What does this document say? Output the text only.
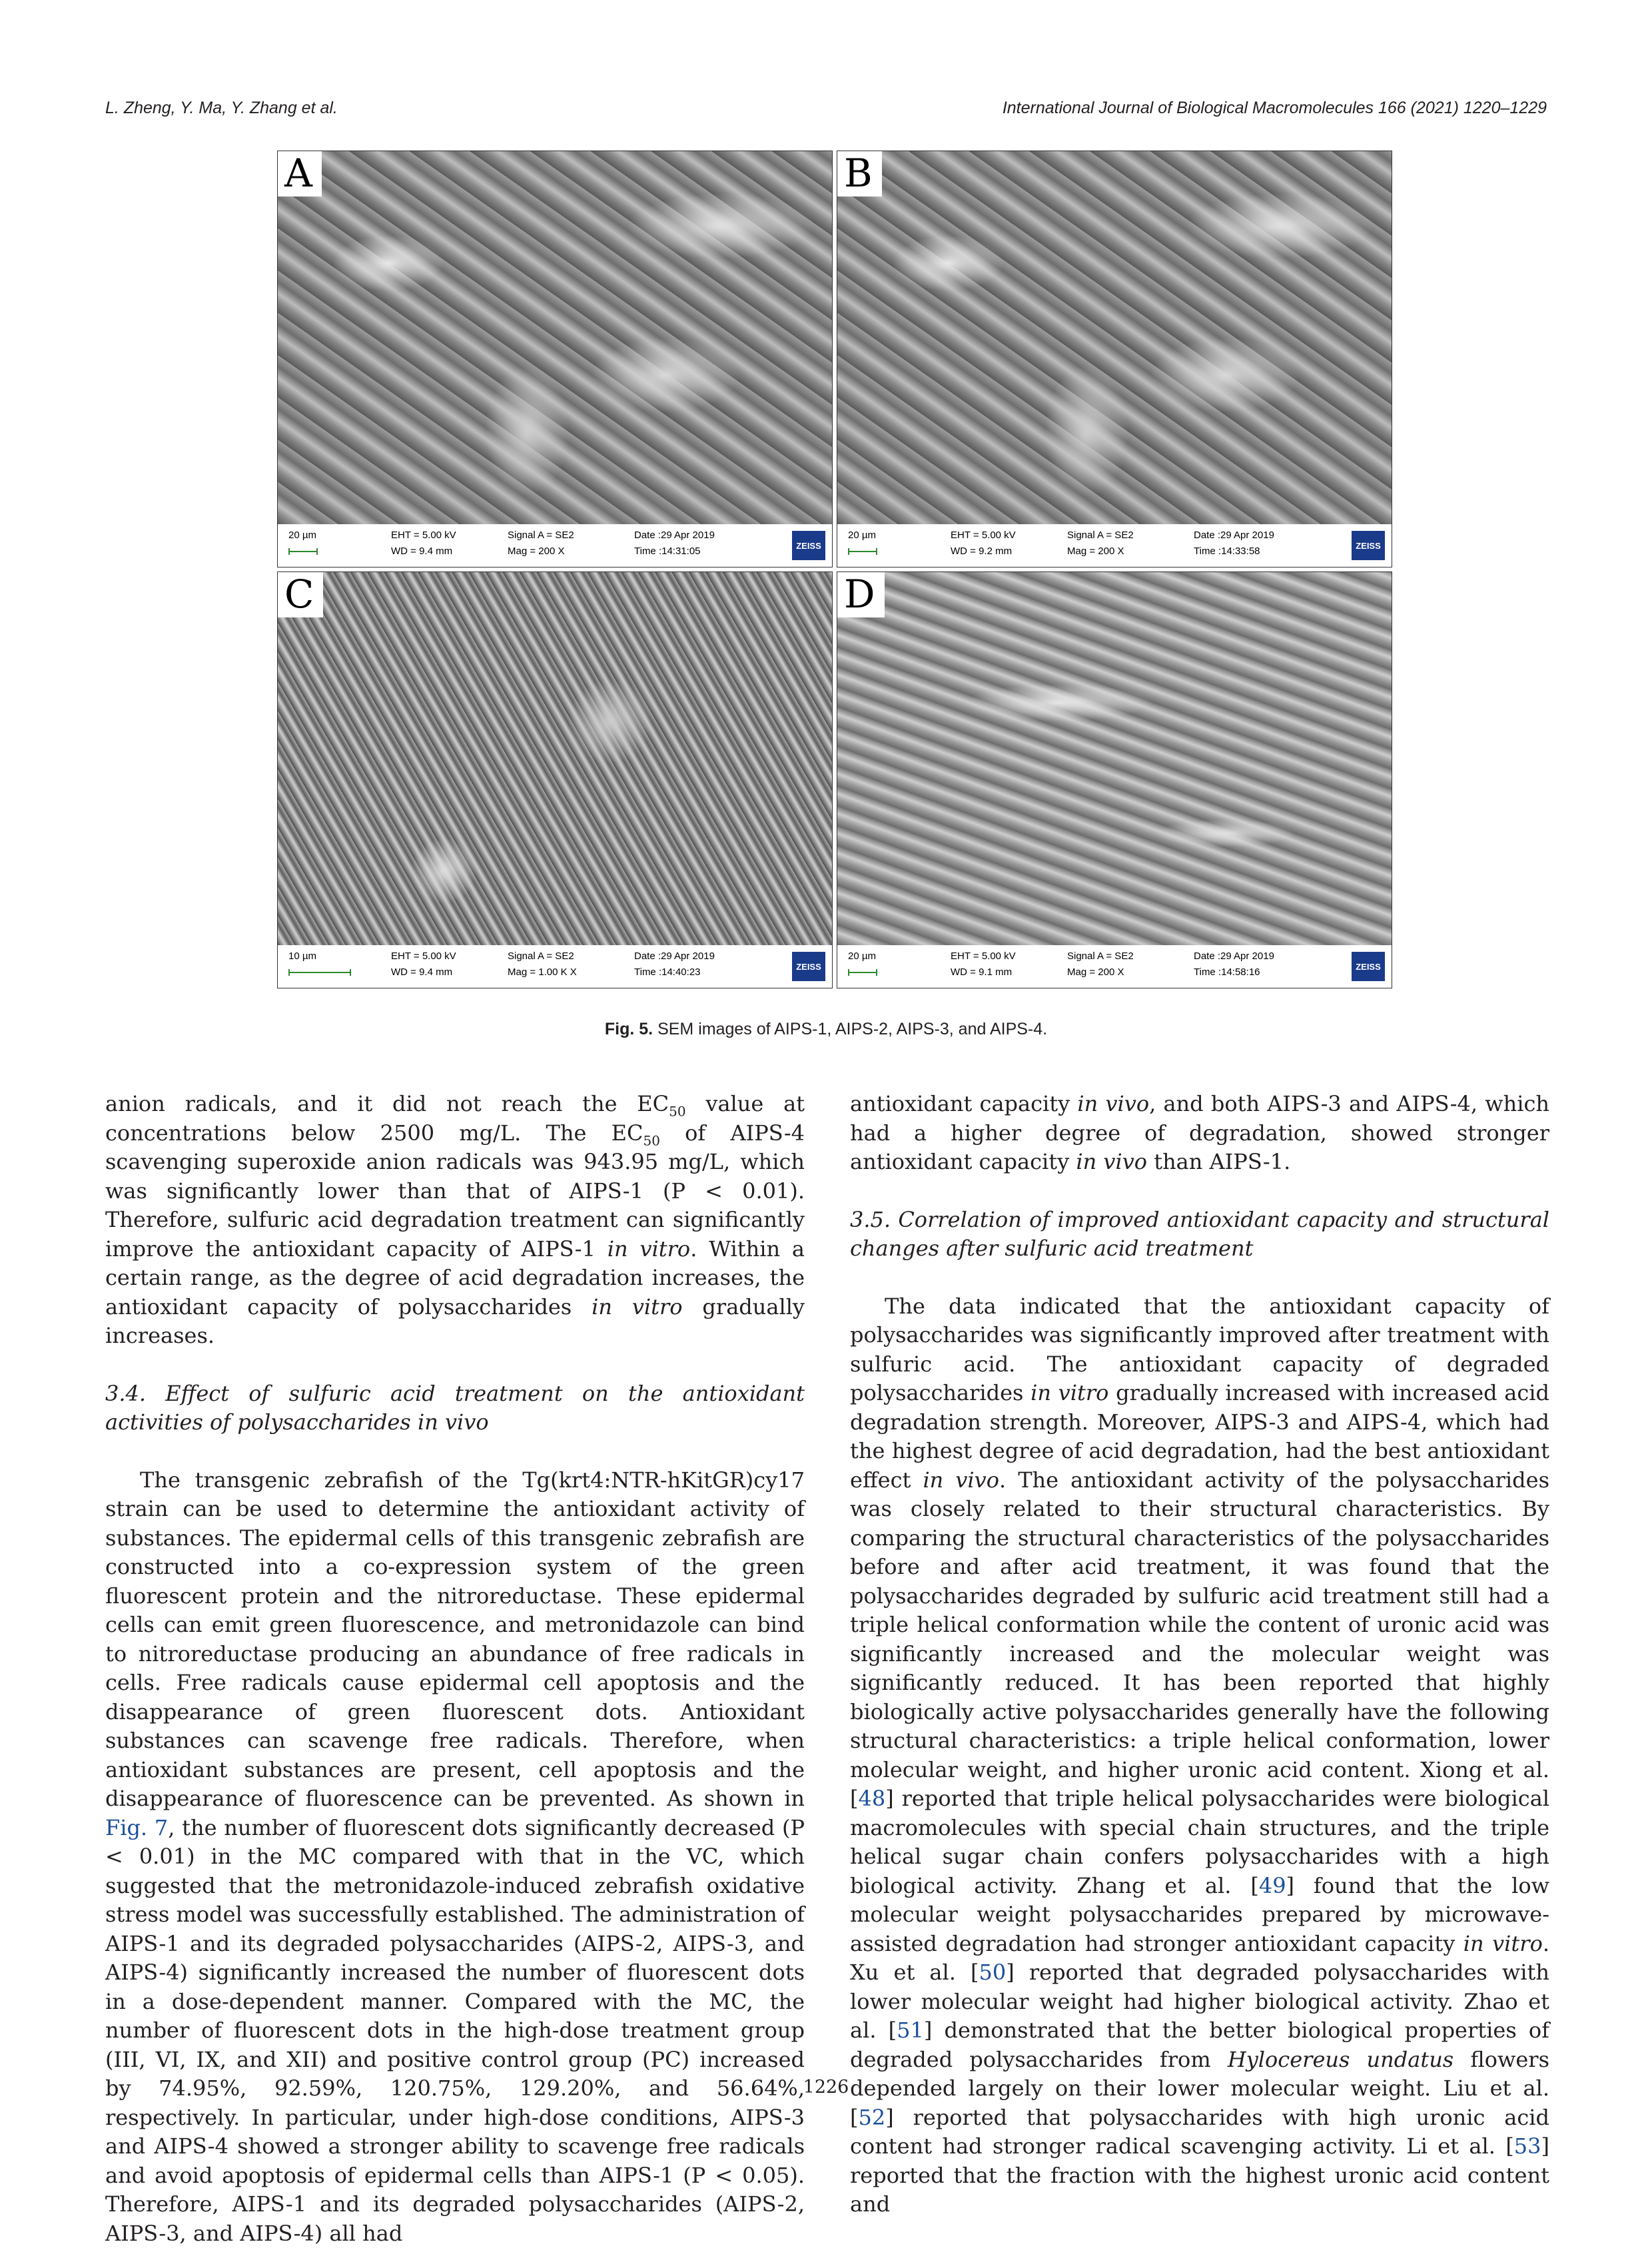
L. Zheng, Y. Ma, Y. Zhang et al.	International Journal of Biological Macromolecules 166 (2021) 1220–1229
A
20 µm	EHT = 5.00 kV
WD = 9.4 mm
Signal A = SE2
Mag = 200 X
Date :29 Apr 2019
Time :14:31:05	ZEISS
B
20 µm	EHT = 5.00 kV
WD = 9.2 mm
Signal A = SE2
Mag = 200 X
Date :29 Apr 2019
Time :14:33:58	ZEISS
C
10 µm	EHT = 5.00 kV
WD = 9.4 mm
Signal A = SE2
Mag = 1.00 K X
Date :29 Apr 2019
Time :14:40:23	ZEISS
D
20 µm	EHT = 5.00 kV
WD = 9.1 mm
Signal A = SE2
Mag = 200 X
Date :29 Apr 2019
Time :14:58:16	ZEISS
Fig. 5. SEM images of AIPS-1, AIPS-2, AIPS-3, and AIPS-4.

anion radicals, and it did not reach the $EC_{50}$ value at concentrations below 2500 mg/L. The $EC_{50}$ of AIPS-4 scavenging superoxide anion radicals was 943.95 mg/L, which was significantly lower than that of AIPS-1 (P < 0.01). Therefore, sulfuric acid degradation treatment can significantly improve the antioxidant capacity of AIPS-1 in vitro. Within a certain range, as the degree of acid degradation increases, the antioxidant capacity of polysaccharides in vitro gradually increases.

3.4. Effect of sulfuric acid treatment on the antioxidant activities of polysaccharides in vivo

The transgenic zebrafish of the Tg(krt4:NTR-hKitGR)cy17 strain can be used to determine the antioxidant activity of substances. The epidermal cells of this transgenic zebrafish are constructed into a co-expression system of the green fluorescent protein and the nitroreductase. These epidermal cells can emit green fluorescence, and metronidazole can bind to nitroreductase producing an abundance of free radicals in cells. Free radicals cause epidermal cell apoptosis and the disappearance of green fluorescent dots. Antioxidant substances can scavenge free radicals. Therefore, when antioxidant substances are present, cell apoptosis and the disappearance of fluorescence can be prevented. As shown in Fig. 7, the number of fluorescent dots significantly decreased (P < 0.01) in the MC compared with that in the VC, which suggested that the metronidazole-induced zebrafish oxidative stress model was successfully established. The administration of AIPS-1 and its degraded polysaccharides (AIPS-2, AIPS-3, and AIPS-4) significantly increased the number of fluorescent dots in a dose-dependent manner. Compared with the MC, the number of fluorescent dots in the high-dose treatment group (III, VI, IX, and XII) and positive control group (PC) increased by 74.95%, 92.59%, 120.75%, 129.20%, and 56.64%, respectively. In particular, under high-dose conditions, AIPS-3 and AIPS-4 showed a stronger ability to scavenge free radicals and avoid apoptosis of epidermal cells than AIPS-1 (P < 0.05). Therefore, AIPS-1 and its degraded polysaccharides (AIPS-2, AIPS-3, and AIPS-4) all had

antioxidant capacity in vivo, and both AIPS-3 and AIPS-4, which had a higher degree of degradation, showed stronger antioxidant capacity in vivo than AIPS-1.

3.5. Correlation of improved antioxidant capacity and structural changes after sulfuric acid treatment

The data indicated that the antioxidant capacity of polysaccharides was significantly improved after treatment with sulfuric acid. The antioxidant capacity of degraded polysaccharides in vitro gradually increased with increased acid degradation strength. Moreover, AIPS-3 and AIPS-4, which had the highest degree of acid degradation, had the best antioxidant effect in vivo. The antioxidant activity of the polysaccharides was closely related to their structural characteristics. By comparing the structural characteristics of the polysaccharides before and after acid treatment, it was found that the polysaccharides degraded by sulfuric acid treatment still had a triple helical conformation while the content of uronic acid was significantly increased and the molecular weight was significantly reduced. It has been reported that highly biologically active polysaccharides generally have the following structural characteristics: a triple helical conformation, lower molecular weight, and higher uronic acid content. Xiong et al. [48] reported that triple helical polysaccharides were biological macromolecules with special chain structures, and the triple helical sugar chain confers polysaccharides with a high biological activity. Zhang et al. [49] found that the low molecular weight polysaccharides prepared by microwave-assisted degradation had stronger antioxidant capacity in vitro. Xu et al. [50] reported that degraded polysaccharides with lower molecular weight had higher biological activity. Zhao et al. [51] demonstrated that the better biological properties of degraded polysaccharides from Hylocereus undatus flowers depended largely on their lower molecular weight. Liu et al. [52] reported that polysaccharides with high uronic acid content had stronger radical scavenging activity. Li et al. [53] reported that the fraction with the highest uronic acid content and

1226
